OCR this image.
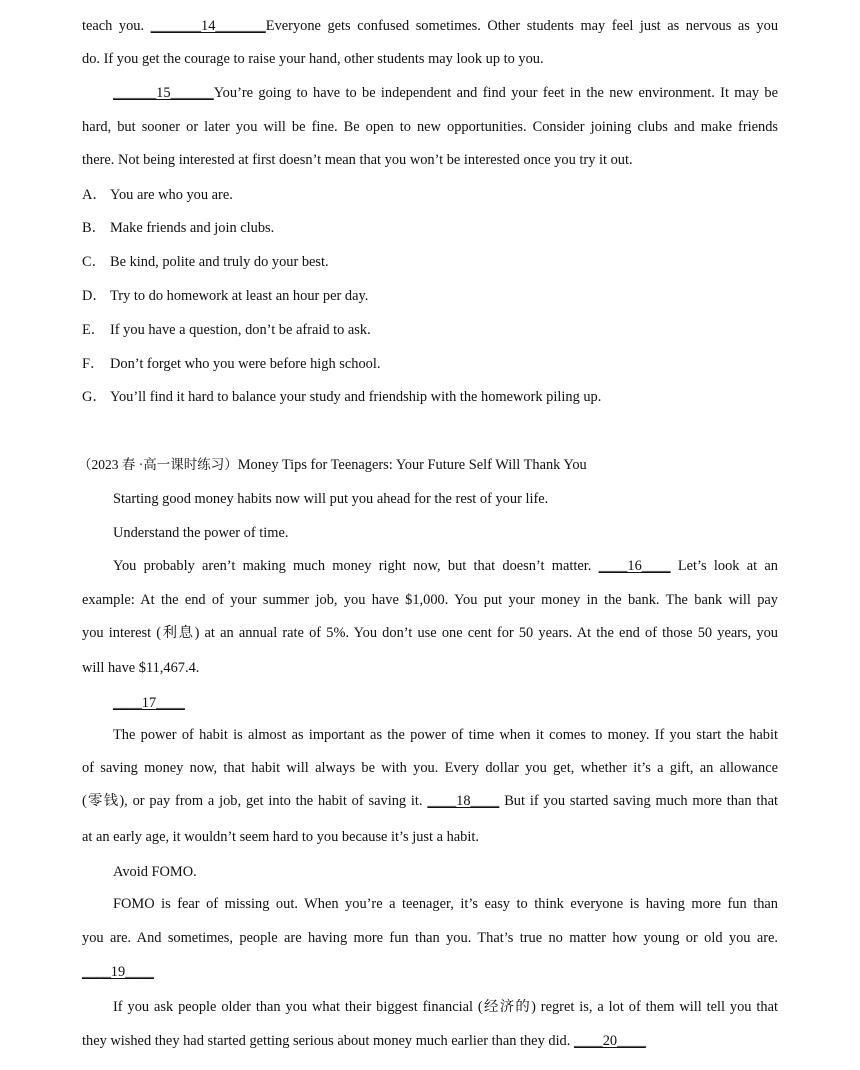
teach you. _______14_______Everyone gets confused sometimes. Other students may feel just as nervous as you
do. If you get the courage to raise your hand, other students may look up to you.
______15______You’re going to have to be independent and find your feet in the new environment. It may be
hard, but sooner or later you will be fine. Be open to new opportunities. Consider joining clubs and make friends
there. Not being interested at first doesn’t mean that you won’t be interested once you try it out.
A． You are who you are.
B． Make friends and join clubs.
C． Be kind, polite and truly do your best.
D． Try to do homework at least an hour per day.
E． If you have a question, don’t be afraid to ask.
F． Don’t forget who you were before high school.
G． You’ll find it hard to balance your study and friendship with the homework piling up.
（2023 春 ·高一课时练习）Money Tips for Teenagers: Your Future Self Will Thank You
Starting good money habits now will put you ahead for the rest of your life.
Understand the power of time.
You probably aren’t making much money right now, but that doesn’t matter. ____16____ Let’s look at an
example: At the end of your summer job, you have $1,000. You put your money in the bank. The bank will pay
you interest (利息) at an annual rate of 5%. You don’t use one cent for 50 years. At the end of those 50 years, you
will have $11,467.4.
____17____
The power of habit is almost as important as the power of time when it comes to money. If you start the habit
of saving money now, that habit will always be with you. Every dollar you get, whether it’s a gift, an allowance
(零钱), or pay from a job, get into the habit of saving it. ____18____ But if you started saving much more than that
at an early age, it wouldn’t seem hard to you because it’s just a habit.
Avoid FOMO.
FOMO is fear of missing out. When you’re a teenager, it’s easy to think everyone is having more fun than
you are. And sometimes, people are having more fun than you. That’s true no matter how young or old you are.
____19____
If you ask people older than you what their biggest financial (经济的) regret is, a lot of them will tell you that
they wished they had started getting serious about money much earlier than they did. ____20____
